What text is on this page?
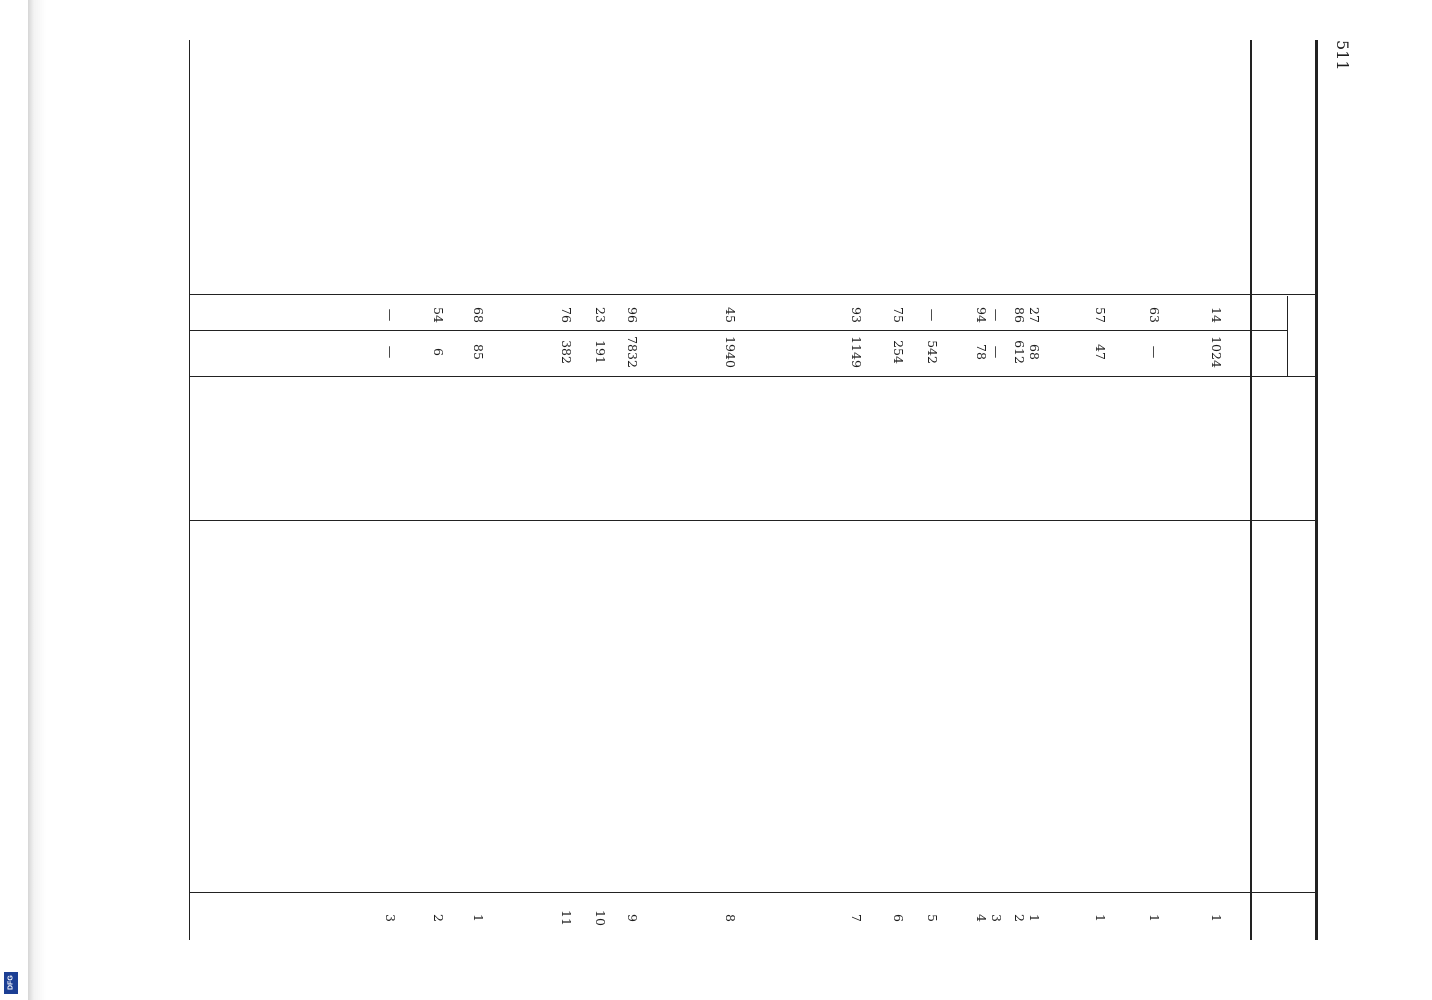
DFG
511
1
1024
14
1
—
63
1
47
57
1
2
68
612
27
86
3
4
—
78
—
94
5
542
—
6
254
75
7
1149
93
8
1940
45
9
7832
96
10
191
23
11
382
76
1
85
68
2
6
54
3
—
—
